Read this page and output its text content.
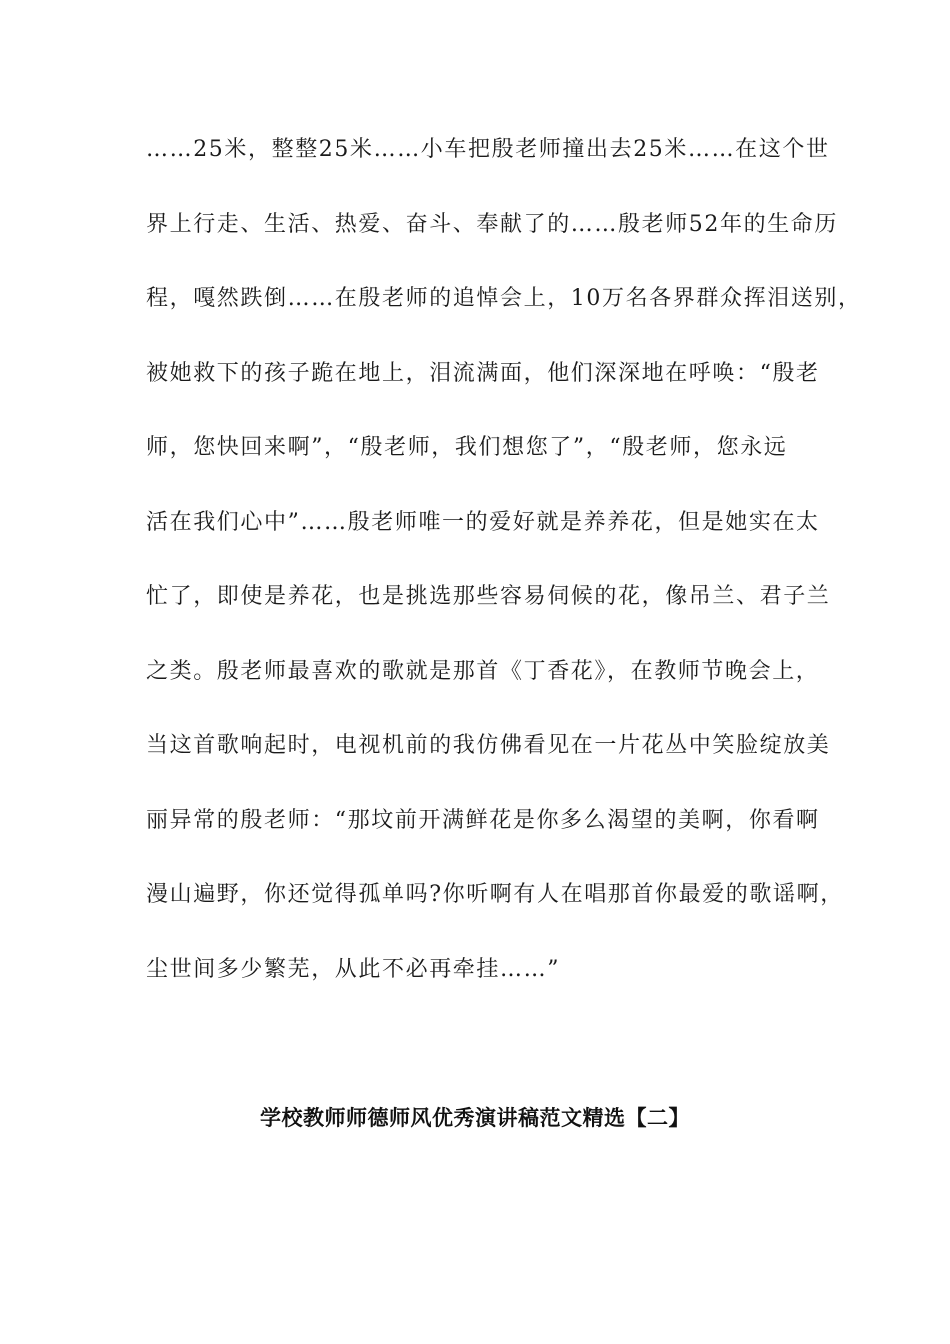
……25米，整整25米……小车把殷老师撞出去25米……在这个世
界上行走、生活、热爱、奋斗、奉献了的……殷老师52年的生命历
程，嘎然跌倒……在殷老师的追悼会上，10万名各界群众挥泪送别，
被她救下的孩子跪在地上，泪流满面，他们深深地在呼唤：“殷老
师，您快回来啊”，“殷老师，我们想您了”，“殷老师，您永远
活在我们心中”……殷老师唯一的爱好就是养养花，但是她实在太
忙了，即使是养花，也是挑选那些容易伺候的花，像吊兰、君子兰
之类。殷老师最喜欢的歌就是那首《丁香花》，在教师节晚会上，
当这首歌响起时，电视机前的我仿佛看见在一片花丛中笑脸绽放美
丽异常的殷老师：“那坟前开满鲜花是你多么渴望的美啊，你看啊
漫山遍野，你还觉得孤单吗?你听啊有人在唱那首你最爱的歌谣啊，
尘世间多少繁芜，从此不必再牵挂……”
学校教师师德师风优秀演讲稿范文精选【二】
